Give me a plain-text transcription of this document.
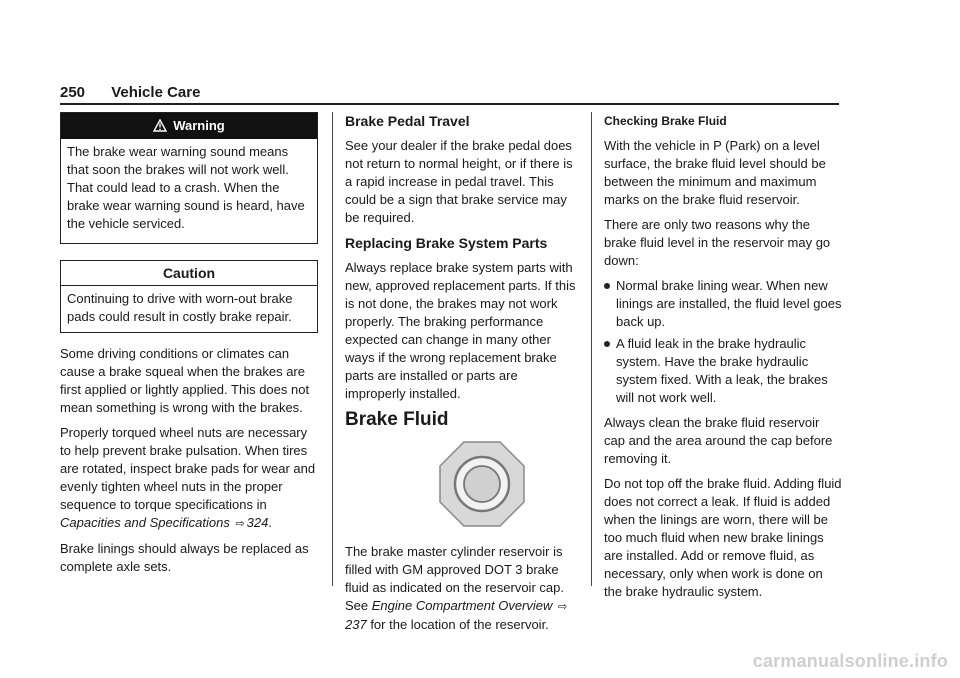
250 Vehicle Care
Warning
The brake wear warning sound means that soon the brakes will not work well. That could lead to a crash. When the brake wear warning sound is heard, have the vehicle serviced.
Caution
Continuing to drive with worn-out brake pads could result in costly brake repair.

Some driving conditions or climates can cause a brake squeal when the brakes are first applied or lightly applied. This does not mean something is wrong with the brakes.

Properly torqued wheel nuts are necessary to help prevent brake pulsation. When tires are rotated, inspect brake pads for wear and evenly tighten wheel nuts in the proper sequence to torque specifications in Capacities and Specifications ⇨ 324.

Brake linings should always be replaced as complete axle sets.

Brake Pedal Travel

See your dealer if the brake pedal does not return to normal height, or if there is a rapid increase in pedal travel. This could be a sign that brake service may be required.

Replacing Brake System Parts

Always replace brake system parts with new, approved replacement parts. If this is not done, the brakes may not work properly. The braking performance expected can change in many other ways if the wrong replacement brake parts are installed or parts are improperly installed.

Brake Fluid

The brake master cylinder reservoir is filled with GM approved DOT 3 brake fluid as indicated on the reservoir cap. See Engine Compartment Overview ⇨237 for the location of the reservoir.

Checking Brake Fluid

With the vehicle in P (Park) on a level surface, the brake fluid level should be between the minimum and maximum marks on the brake fluid reservoir.

There are only two reasons why the brake fluid level in the reservoir may go down:

Normal brake lining wear. When new linings are installed, the fluid level goes back up.
A fluid leak in the brake hydraulic system. Have the brake hydraulic system fixed. With a leak, the brakes will not work well.

Always clean the brake fluid reservoir cap and the area around the cap before removing it.

Do not top off the brake fluid. Adding fluid does not correct a leak. If fluid is added when the linings are worn, there will be too much fluid when new brake linings are installed. Add or remove fluid, as necessary, only when work is done on the brake hydraulic system.

carmanualsonline.info
